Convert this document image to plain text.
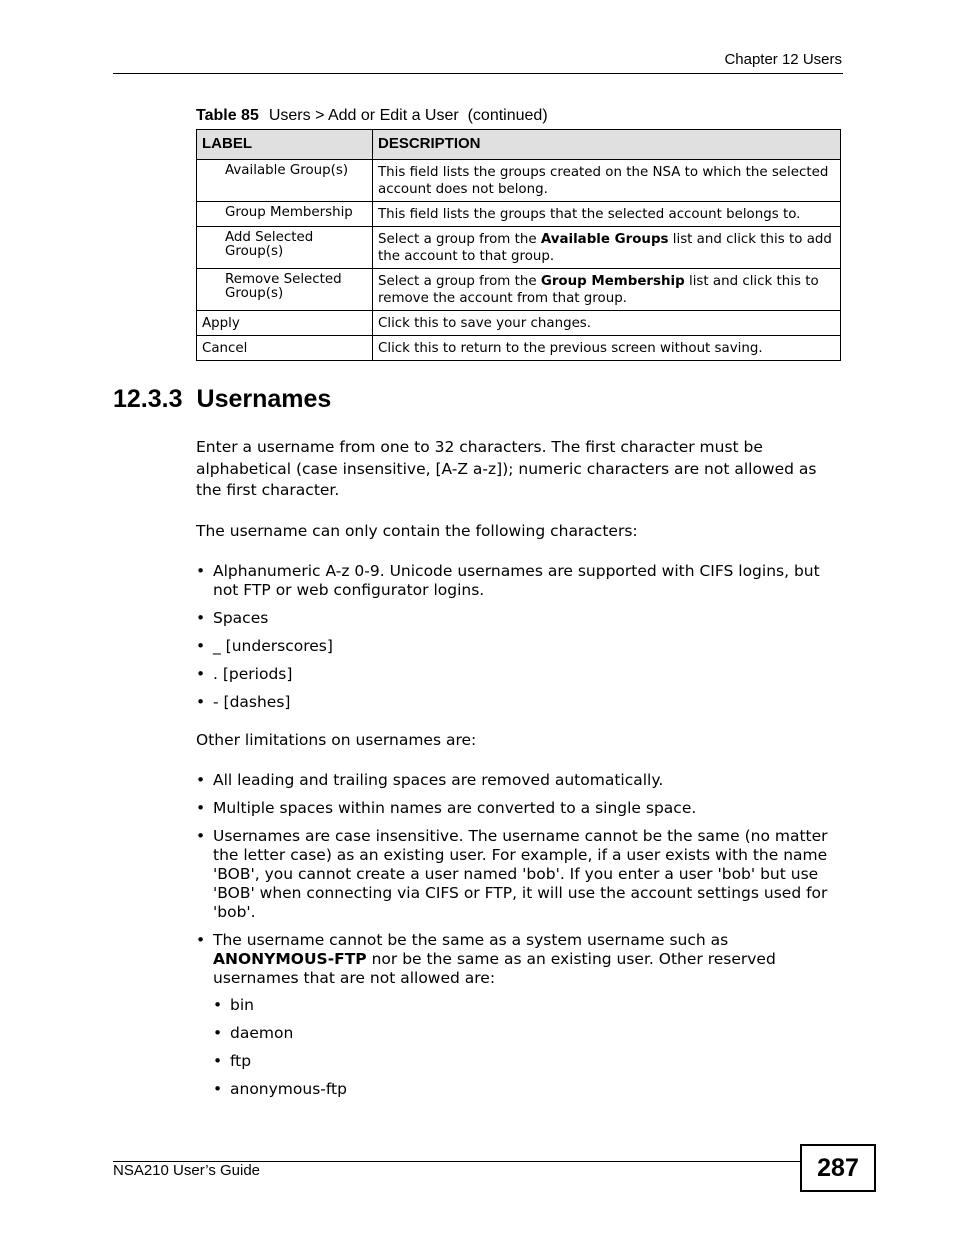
Chapter 12 Users
Table 85 Users > Add or Edit a User  (continued)
LABEL	DESCRIPTION
Available Group(s)	This field lists the groups created on the NSA to which the selected account does not belong.
Group Membership	This field lists the groups that the selected account belongs to.
Add Selected Group(s)	Select a group from the Available Groups list and click this to add the account to that group.
Remove Selected Group(s)	Select a group from the Group Membership list and click this to remove the account from that group.
Apply	Click this to save your changes.
Cancel	Click this to return to the previous screen without saving.
12.3.3 Usernames

Enter a username from one to 32 characters. The first character must be alphabetical (case insensitive, [A-Z a-z]); numeric characters are not allowed as the first character.

The username can only contain the following characters:

• Alphanumeric A-z 0-9. Unicode usernames are supported with CIFS logins, but not FTP or web configurator logins.
• Spaces
• _ [underscores]
• . [periods]
• - [dashes]

Other limitations on usernames are:

• All leading and trailing spaces are removed automatically.
• Multiple spaces within names are converted to a single space.
• Usernames are case insensitive. The username cannot be the same (no matter the letter case) as an existing user. For example, if a user exists with the name 'BOB', you cannot create a user named 'bob'. If you enter a user 'bob' but use 'BOB' when connecting via CIFS or FTP, it will use the account settings used for 'bob'.
• The username cannot be the same as a system username such as ANONYMOUS-FTP nor be the same as an existing user. Other reserved usernames that are not allowed are:
• bin
• daemon
• ftp
• anonymous-ftp
NSA210 User’s Guide	287
